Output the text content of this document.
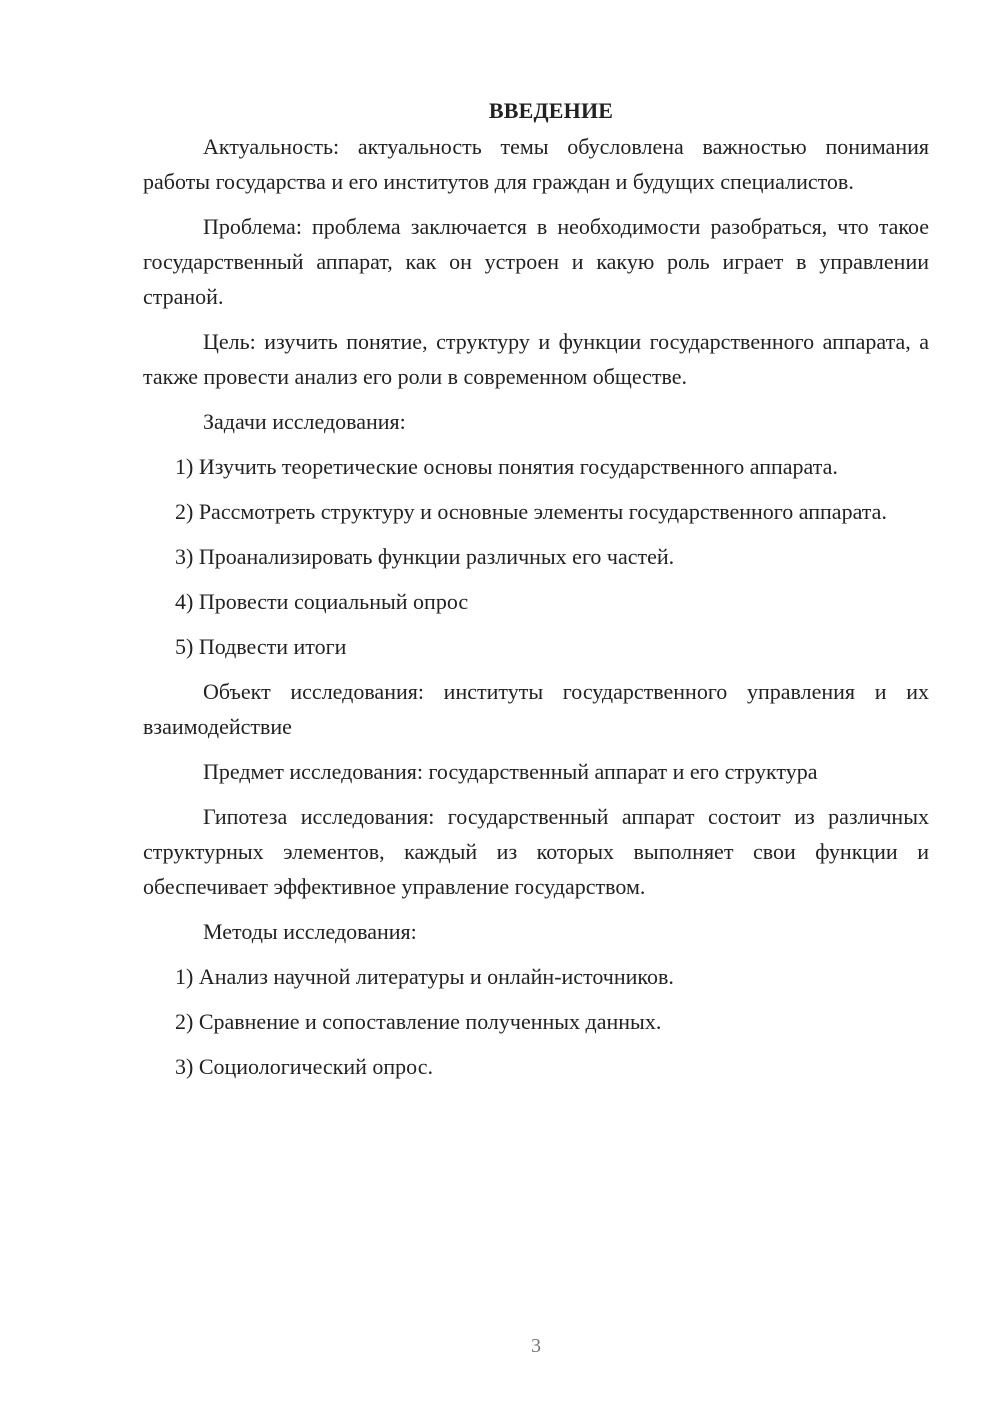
ВВЕДЕНИЕ

Актуальность: актуальность темы обусловлена важностью понимания работы государства и его институтов для граждан и будущих специалистов.

Проблема: проблема заключается в необходимости разобраться, что такое государственный аппарат, как он устроен и какую роль играет в управлении страной.

Цель: изучить понятие, структуру и функции государственного аппарата, а также провести анализ его роли в современном обществе.

Задачи исследования:

1) Изучить теоретические основы понятия государственного аппарата.

2) Рассмотреть структуру и основные элементы государственного аппарата.

3) Проанализировать функции различных его частей.

4) Провести социальный опрос

5) Подвести итоги

Объект исследования: институты государственного управления и их взаимодействие

Предмет исследования: государственный аппарат и его структура

Гипотеза исследования: государственный аппарат состоит из различных структурных элементов, каждый из которых выполняет свои функции и обеспечивает эффективное управление государством.

Методы исследования:

1) Анализ научной литературы и онлайн-источников.

2) Сравнение и сопоставление полученных данных.

3) Социологический опрос.

3
